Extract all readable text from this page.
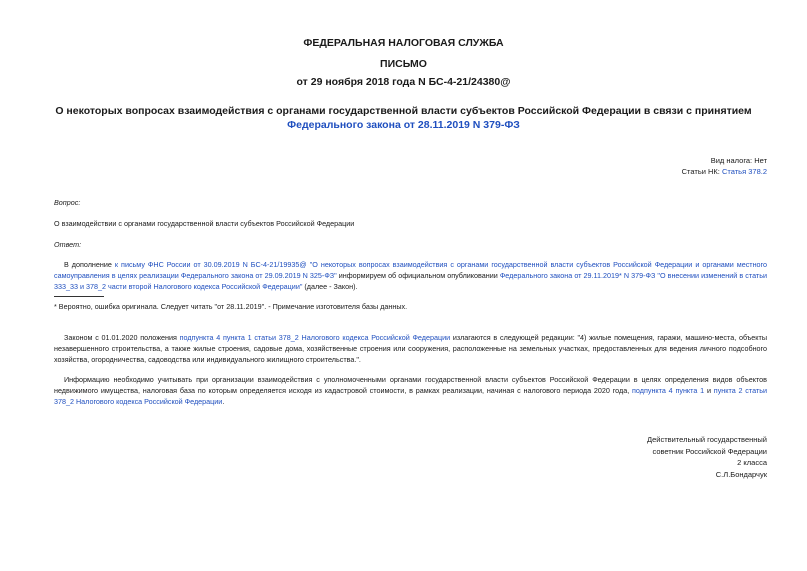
ФЕДЕРАЛЬНАЯ НАЛОГОВАЯ СЛУЖБА
ПИСЬМО
от 29 ноября 2018 года N БС-4-21/24380@
О некоторых вопросах взаимодействия с органами государственной власти субъектов Российской Федерации в связи с принятием Федерального закона от 28.11.2019 N 379-ФЗ
Вид налога: Нет
Статьи НК: Статья 378.2
Вопрос:
О взаимодействии с органами государственной власти субъектов Российской Федерации
Ответ:
В дополнение к письму ФНС России от 30.09.2019 N БС-4-21/19935@ "О некоторых вопросах взаимодействия с органами государственной власти субъектов Российской Федерации и органами местного самоуправления в целях реализации Федерального закона от 29.09.2019 N 325-ФЗ" информируем об официальном опубликовании Федерального закона от 29.11.2019* N 379-ФЗ "О внесении изменений в статьи 333_33 и 378_2 части второй Налогового кодекса Российской Федерации" (далее - Закон).
* Вероятно, ошибка оригинала. Следует читать "от 28.11.2019". - Примечание изготовителя базы данных.
Законом с 01.01.2020 положения подпункта 4 пункта 1 статьи 378_2 Налогового кодекса Российской Федерации излагаются в следующей редакции: "4) жилые помещения, гаражи, машино-места, объекты незавершенного строительства, а также жилые строения, садовые дома, хозяйственные строения или сооружения, расположенные на земельных участках, предоставленных для ведения личного подсобного хозяйства, огородничества, садоводства или индивидуального жилищного строительства.".
Информацию необходимо учитывать при организации взаимодействия с уполномоченными органами государственной власти субъектов Российской Федерации в целях определения видов объектов недвижимого имущества, налоговая база по которым определяется исходя из кадастровой стоимости, в рамках реализации, начиная с налогового периода 2020 года, подпункта 4 пункта 1 и пункта 2 статьи 378_2 Налогового кодекса Российской Федерации.
Действительный государственный
советник Российской Федерации
2 класса
С.Л.Бондарчук
